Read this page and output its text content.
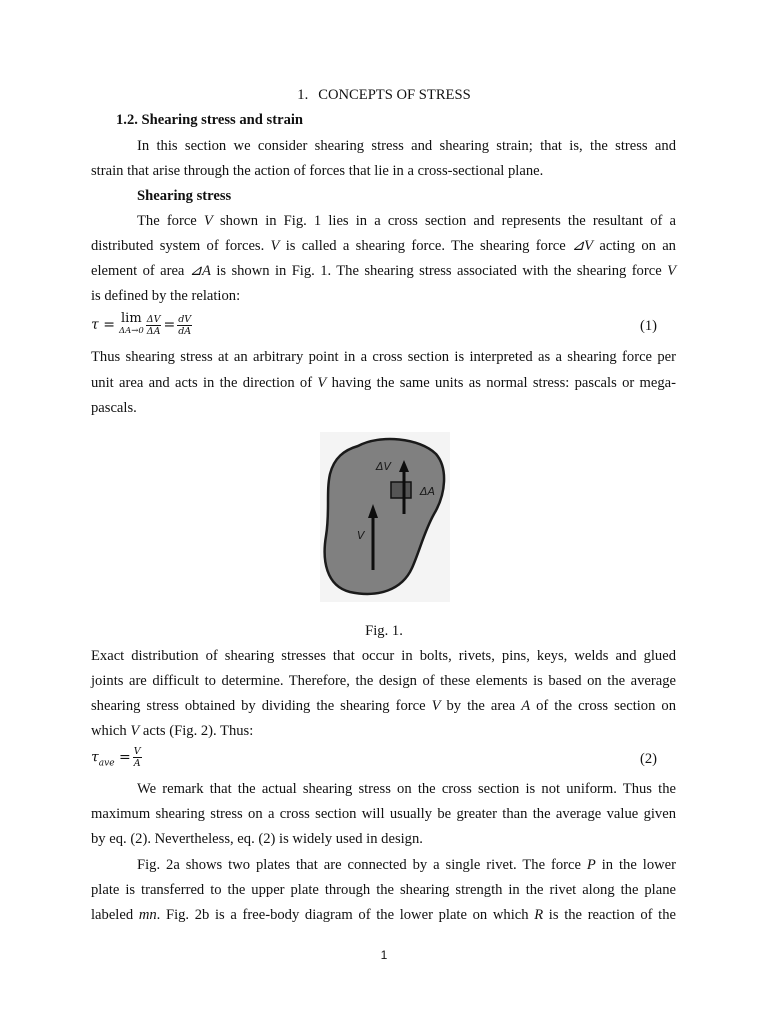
1. CONCEPTS OF STRESS
1.2. Shearing stress and strain
In this section we consider shearing stress and shearing strain; that is, the stress and
strain that arise through the action of forces that lie in a cross-sectional plane.
Shearing stress
The force V shown in Fig. 1 lies in a cross section and represents the resultant of a
distributed system of forces. V is called a shearing force. The shearing force ⊿V acting on an
element of area ⊿A is shown in Fig. 1. The shearing stress associated with the shearing force V
is defined by the relation:
τ = lim
$\Delta A\to 0 \frac{\Delta V}{\Delta A} = \frac{dV}{dA}$	(1)
Thus shearing stress at an arbitrary point in a cross section is interpreted as a shearing force per
unit area and acts in the direction of V having the same units as normal stress: pascals or mega-
pascals.
ΔV
ΔA
V
Fig. 1.
Exact distribution of shearing stresses that occur in bolts, rivets, pins, keys, welds and glued
joints are difficult to determine. Therefore, the design of these elements is based on the average
shearing stress obtained by dividing the shearing force V by the area A of the cross section on
which V acts (Fig. 2). Thus:
$\tau_{ave} = \frac{V}{A}$	(2)
We remark that the actual shearing stress on the cross section is not uniform. Thus the
maximum shearing stress on a cross section will usually be greater than the average value given
by eq. (2). Nevertheless, eq. (2) is widely used in design.
Fig. 2a shows two plates that are connected by a single rivet. The force P in the lower
plate is transferred to the upper plate through the shearing strength in the rivet along the plane
labeled mn. Fig. 2b is a free-body diagram of the lower plate on which R is the reaction of the
1
